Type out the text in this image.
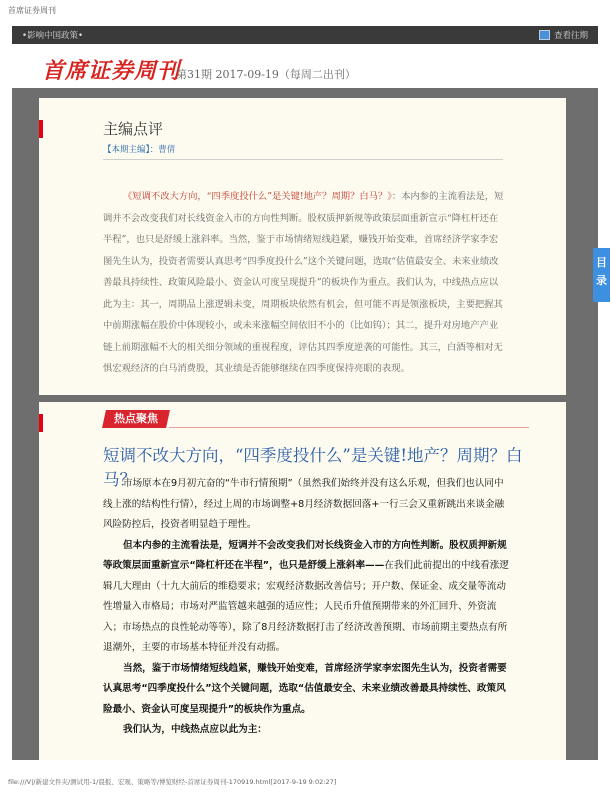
首席证券周刊
•影响中国政策•	查看往期
首席证券周刊
第31期 2017-09-19（每周二出刊）
主编点评
【本期主编】：曹倩
《短调不改大方向，“四季度投什么”是关键!地产？周期？白马？》：本内参的主流看法是，短调并不会改变我们对长线资金入市的方向性判断。股权质押新规等政策层面重新宣示“降杠杆还在半程”，也只是舒缓上涨斜率。当然，鉴于市场情绪短线趋紧，赚钱开始变难，首席经济学家李宏图先生认为，投资者需要认真思考“四季度投什么”这个关键问题，选取“估值最安全、未来业绩改善最具持续性、政策风险最小、资金认可度呈现提升”的板块作为重点。我们认为，中线热点应以此为主：其一，周期品上涨逻辑未变，周期板块依然有机会，但可能不再是领涨板块，主要把握其中前期涨幅在股价中体现较小，或未来涨幅空间依旧不小的（比如钨）；其二，提升对房地产产业链上前期涨幅不大的相关细分领域的重视程度，评估其四季度逆袭的可能性。其三，白酒等相对无惧宏观经济的白马消费股，其业绩是否能够继续在四季度保持亮眼的表现。
热点聚焦
短调不改大方向，“四季度投什么”是关键!地产？周期？白马？

市场原本在9月初亢奋的“牛市行情预期”（虽然我们始终并没有这么乐观，但我们也认同中线上涨的结构性行情），经过上周的市场调整+8月经济数据回落+一行三会又重新跳出来谈金融风险防控后，投资者明显趋于理性。

但本内参的主流看法是，短调并不会改变我们对长线资金入市的方向性判断。股权质押新规等政策层面重新宣示“降杠杆还在半程”，也只是舒缓上涨斜率——在我们此前提出的中线看涨逻辑几大理由（十九大前后的维稳要求；宏观经济数据改善信号；开户数、保证金、成交量等流动性增量入市格局；市场对严监管越来越强的适应性；人民币升值预期带来的外汇回升、外资流入；市场热点的良性轮动等等），除了8月经济数据打击了经济改善预期、市场前期主要热点有所退潮外，主要的市场基本特征并没有动摇。

当然，鉴于市场情绪短线趋紧，赚钱开始变难，首席经济学家李宏图先生认为，投资者需要认真思考“四季度投什么”这个关键问题，选取“估值最安全、未来业绩改善最具持续性、政策风险最小、资金认可度呈现提升”的板块作为重点。

我们认为，中线热点应以此为主：

目
录
file:///V|/新建文件夹/测试用-1/晨报、宏观、策略等/博览财经-首席证券周刊-170919.html[2017-9-19 9:02:27]
